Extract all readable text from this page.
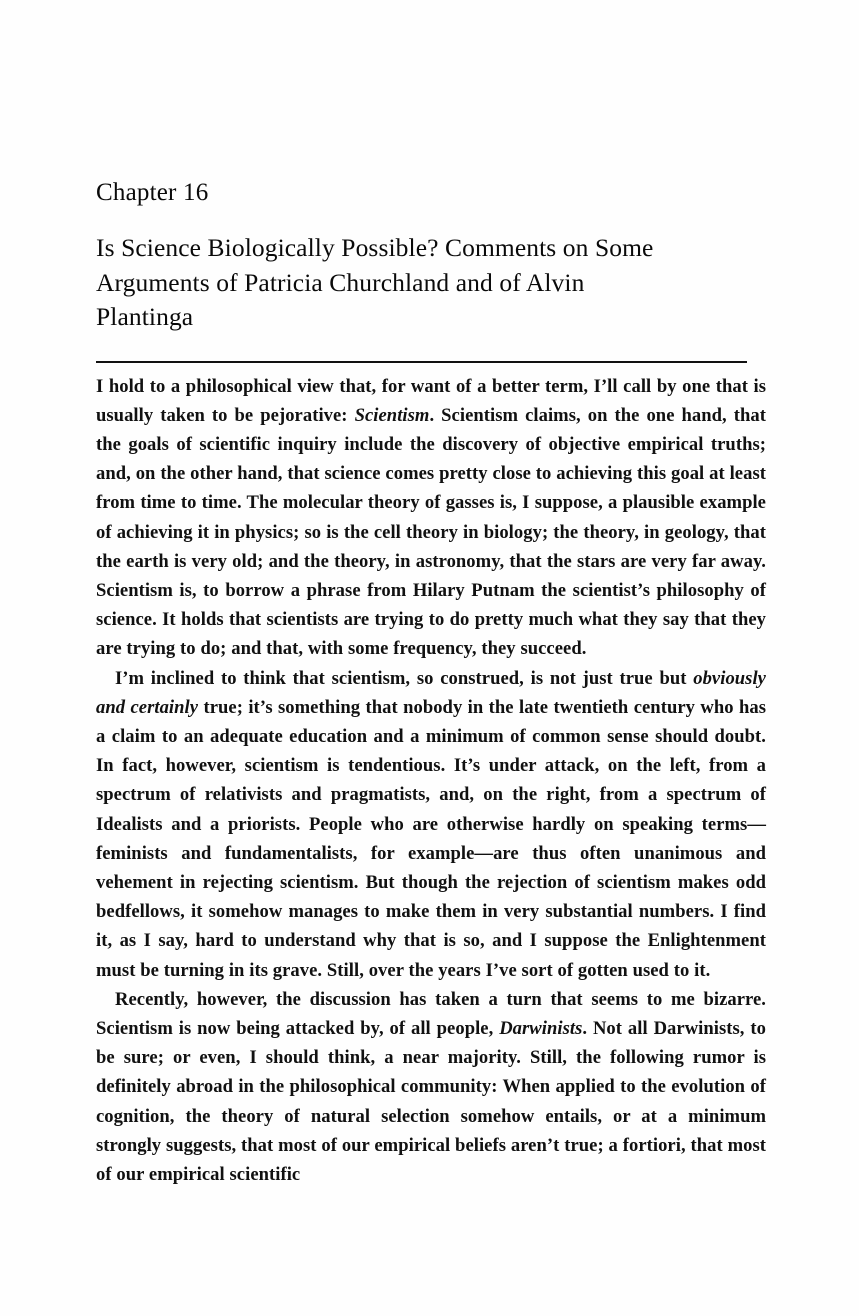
Chapter 16
Is Science Biologically Possible? Comments on Some
Arguments of Patricia Churchland and of Alvin
Plantinga

I hold to a philosophical view that, for want of a better term, I’ll call by one that is usually taken to be pejorative: Scientism. Scientism claims, on the one hand, that the goals of scientific inquiry include the discovery of objective empirical truths; and, on the other hand, that science comes pretty close to achieving this goal at least from time to time. The molecular theory of gasses is, I suppose, a plausible example of achieving it in physics; so is the cell theory in biology; the theory, in geology, that the earth is very old; and the theory, in astronomy, that the stars are very far away. Scientism is, to borrow a phrase from Hilary Putnam the scientist’s philosophy of science. It holds that scientists are trying to do pretty much what they say that they are trying to do; and that, with some frequency, they succeed.

I’m inclined to think that scientism, so construed, is not just true but obviously and certainly true; it’s something that nobody in the late twentieth century who has a claim to an adequate education and a minimum of common sense should doubt. In fact, however, scientism is tendentious. It’s under attack, on the left, from a spectrum of relativists and pragmatists, and, on the right, from a spectrum of Idealists and a priorists. People who are otherwise hardly on speaking terms—feminists and fundamentalists, for example—are thus often unanimous and vehement in rejecting scientism. But though the rejection of scientism makes odd bedfellows, it somehow manages to make them in very substantial numbers. I find it, as I say, hard to understand why that is so, and I suppose the Enlightenment must be turning in its grave. Still, over the years I’ve sort of gotten used to it.

Recently, however, the discussion has taken a turn that seems to me bizarre. Scientism is now being attacked by, of all people, Darwinists. Not all Darwinists, to be sure; or even, I should think, a near majority. Still, the following rumor is definitely abroad in the philosophical community: When applied to the evolution of cognition, the theory of natural selection somehow entails, or at a minimum strongly suggests, that most of our empirical beliefs aren’t true; a fortiori, that most of our empirical scientific
